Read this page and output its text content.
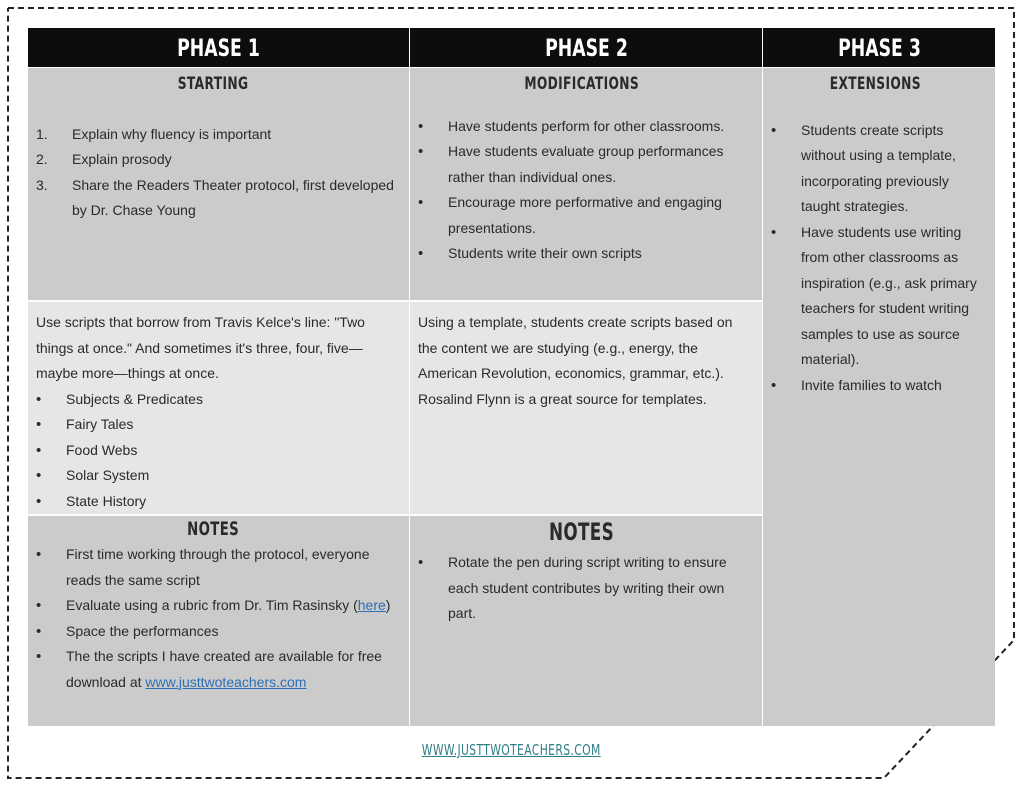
PHASE 1	PHASE 2	PHASE 3
STARTING
1. Explain why fluency is important
2. Explain prosody
3. Share the Readers Theater protocol, first developed by Dr. Chase Young
MODIFICATIONS
• Have students perform for other classrooms.
• Have students evaluate group performances rather than individual ones.
• Encourage more performative and engaging presentations.
• Students write their own scripts
EXTENSIONS
• Students create scripts without using a template, incorporating previously taught strategies.
• Have students use writing from other classrooms as inspiration (e.g., ask primary teachers for student writing samples to use as source material).
• Invite families to watch
Use scripts that borrow from Travis Kelce's line: "Two things at once." And sometimes it's three, four, five—maybe more—things at once.
• Subjects & Predicates
• Fairy Tales
• Food Webs
• Solar System
• State History
Using a template, students create scripts based on the content we are studying (e.g., energy, the American Revolution, economics, grammar, etc.). Rosalind Flynn is a great source for templates.
NOTES
• First time working through the protocol, everyone reads the same script
• Evaluate using a rubric from Dr. Tim Rasinsky (here)
• Space the performances
• The the scripts I have created are available for free download at www.justtwoteachers.com
NOTES
• Rotate the pen during script writing to ensure each student contributes by writing their own part.
WWW.JUSTTWOTEACHERS.COM
